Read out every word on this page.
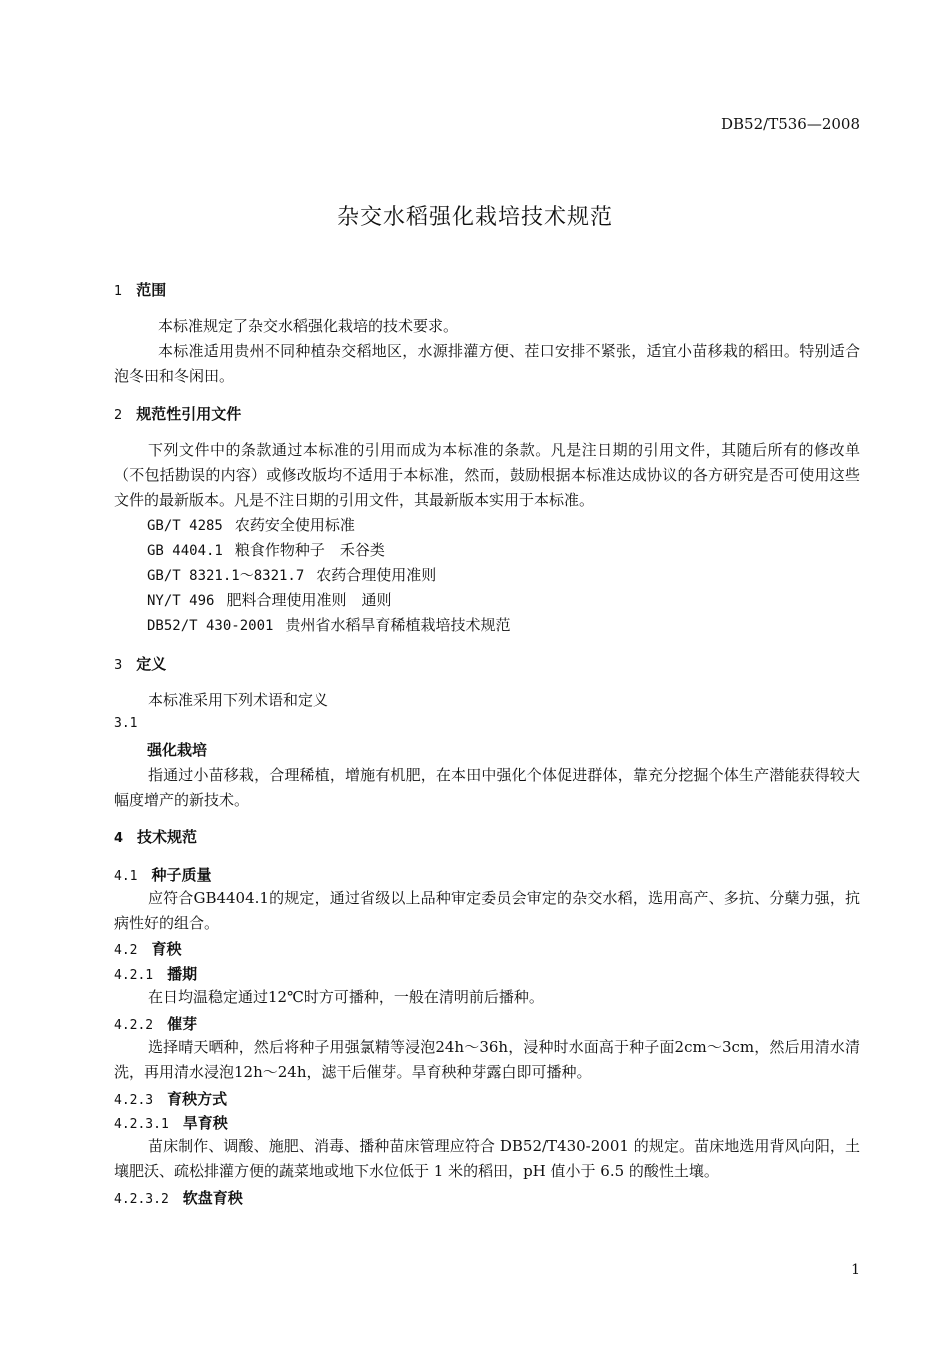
DB52/T536—2008
杂交水稻强化栽培技术规范
1 范围
本标准规定了杂交水稻强化栽培的技术要求。
本标准适用贵州不同种植杂交稻地区，水源排灌方便、茬口安排不紧张，适宜小苗移栽的稻田。特别适合泡冬田和冬闲田。
2 规范性引用文件
下列文件中的条款通过本标准的引用而成为本标准的条款。凡是注日期的引用文件，其随后所有的修改单（不包括勘误的内容）或修改版均不适用于本标准，然而，鼓励根据本标准达成协议的各方研究是否可使用这些文件的最新版本。凡是不注日期的引用文件，其最新版本实用于本标准。
GB/T 4285 农药安全使用标准
GB 4404.1 粮食作物种子　禾谷类
GB/T 8321.1～8321.7 农药合理使用准则
NY/T 496 肥料合理使用准则　通则
DB52/T 430-2001 贵州省水稻旱育稀植栽培技术规范
3 定义
本标准采用下列术语和定义
3.1
强化栽培
指通过小苗移栽，合理稀植，增施有机肥，在本田中强化个体促进群体，靠充分挖掘个体生产潜能获得较大幅度增产的新技术。
4 技术规范
4.1 种子质量
应符合GB4404.1的规定，通过省级以上品种审定委员会审定的杂交水稻，选用高产、多抗、分蘖力强，抗病性好的组合。
4.2 育秧
4.2.1 播期
在日均温稳定通过12℃时方可播种，一般在清明前后播种。
4.2.2 催芽
选择晴天晒种，然后将种子用强氯精等浸泡24h～36h，浸种时水面高于种子面2cm～3cm，然后用清水清洗，再用清水浸泡12h～24h，滤干后催芽。旱育秧种芽露白即可播种。
4.2.3 育秧方式
4.2.3.1 旱育秧
苗床制作、调酸、施肥、消毒、播种苗床管理应符合 DB52/T430-2001 的规定。苗床地选用背风向阳，土壤肥沃、疏松排灌方便的蔬菜地或地下水位低于 1 米的稻田，pH 值小于 6.5 的酸性土壤。
4.2.3.2 软盘育秧
1
